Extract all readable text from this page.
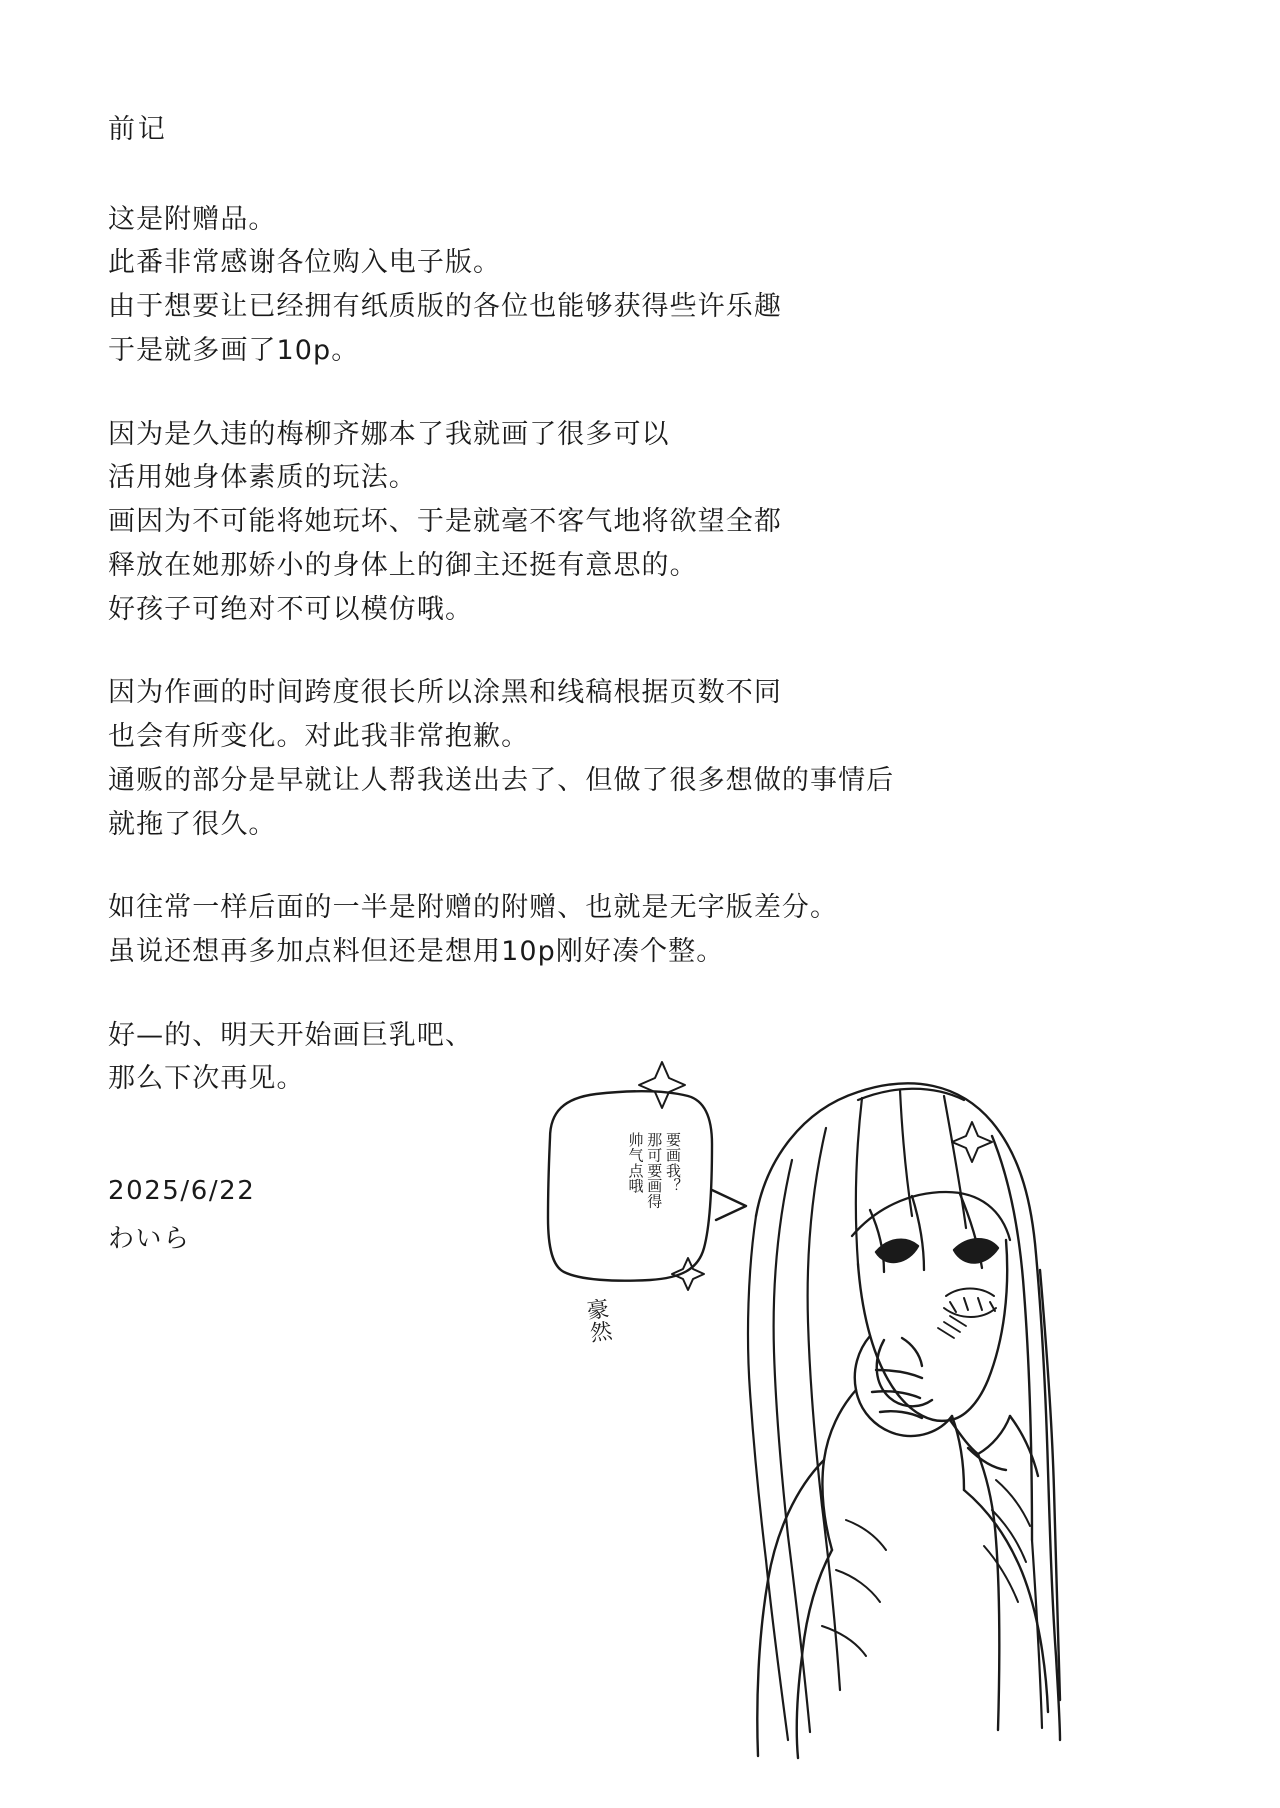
前记
这是附赠品。
此番非常感谢各位购入电子版。
由于想要让已经拥有纸质版的各位也能够获得些许乐趣
于是就多画了10p。
因为是久违的梅柳齐娜本了我就画了很多可以
活用她身体素质的玩法。
画因为不可能将她玩坏、于是就毫不客气地将欲望全都
释放在她那娇小的身体上的御主还挺有意思的。
好孩子可绝对不可以模仿哦。
因为作画的时间跨度很长所以涂黑和线稿根据页数不同
也会有所变化。对此我非常抱歉。
通贩的部分是早就让人帮我送出去了、但做了很多想做的事情后
就拖了很久。
如往常一样后面的一半是附赠的附赠、也就是无字版差分。
虽说还想再多加点料但还是想用10p刚好凑个整。
好—的、明天开始画巨乳吧、
那么下次再见。
2025/6/22
わいら
要画我？
那可要画得
帅气点哦
豪然
